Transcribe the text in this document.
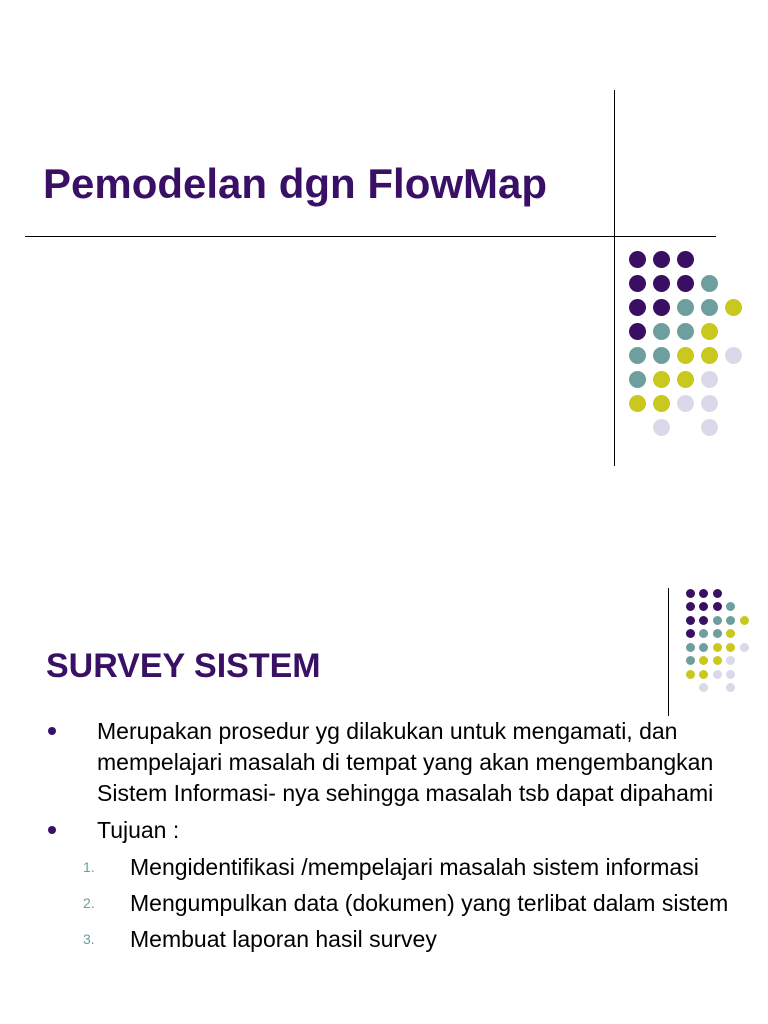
Pemodelan dgn FlowMap
SURVEY SISTEM
Merupakan prosedur yg dilakukan untuk mengamati, dan mempelajari masalah di tempat yang akan mengembangkan Sistem Informasi- nya sehingga masalah tsb dapat dipahami
Tujuan :
1. Mengidentifikasi /mempelajari masalah sistem informasi
2. Mengumpulkan data (dokumen) yang terlibat dalam sistem
3. Membuat laporan hasil survey
